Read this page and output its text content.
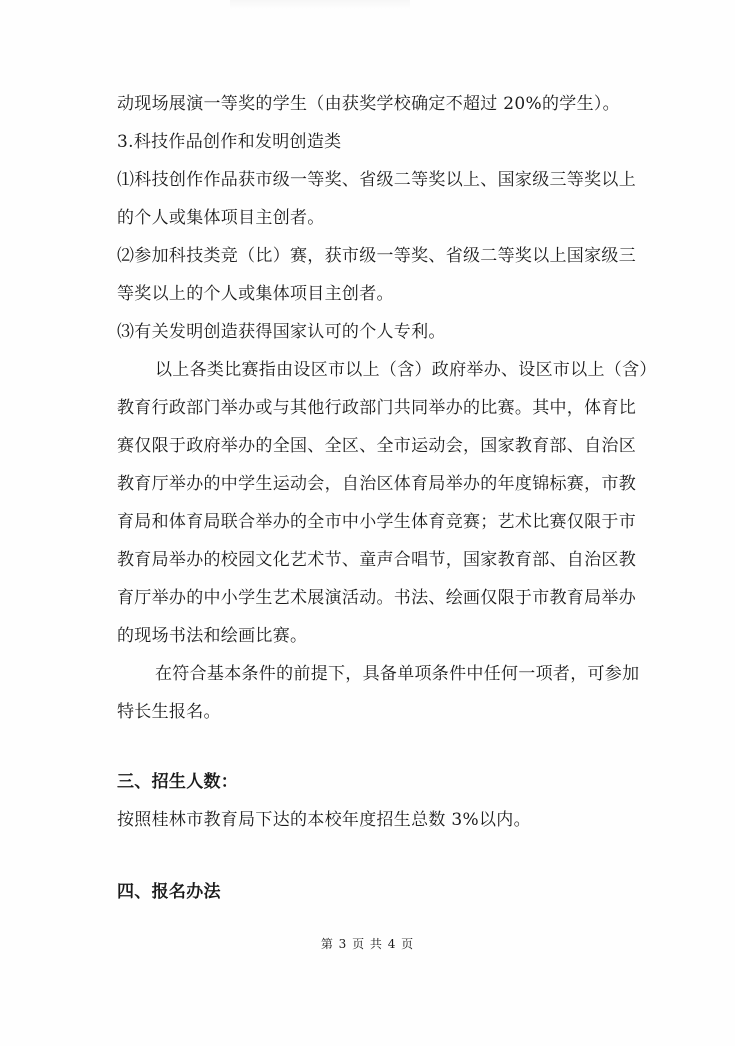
动现场展演一等奖的学生（由获奖学校确定不超过 20%的学生）。
3.科技作品创作和发明创造类
⑴科技创作作品获市级一等奖、省级二等奖以上、国家级三等奖以上
的个人或集体项目主创者。
⑵参加科技类竞（比）赛，获市级一等奖、省级二等奖以上国家级三
等奖以上的个人或集体项目主创者。
⑶有关发明创造获得国家认可的个人专利。
以上各类比赛指由设区市以上（含）政府举办、设区市以上（含）
教育行政部门举办或与其他行政部门共同举办的比赛。其中，体育比
赛仅限于政府举办的全国、全区、全市运动会，国家教育部、自治区
教育厅举办的中学生运动会，自治区体育局举办的年度锦标赛，市教
育局和体育局联合举办的全市中小学生体育竞赛；艺术比赛仅限于市
教育局举办的校园文化艺术节、童声合唱节，国家教育部、自治区教
育厅举办的中小学生艺术展演活动。书法、绘画仅限于市教育局举办
的现场书法和绘画比赛。
在符合基本条件的前提下，具备单项条件中任何一项者，可参加
特长生报名。
三、招生人数：
按照桂林市教育局下达的本校年度招生总数 3%以内。
四、报名办法
第 3 页 共 4 页
